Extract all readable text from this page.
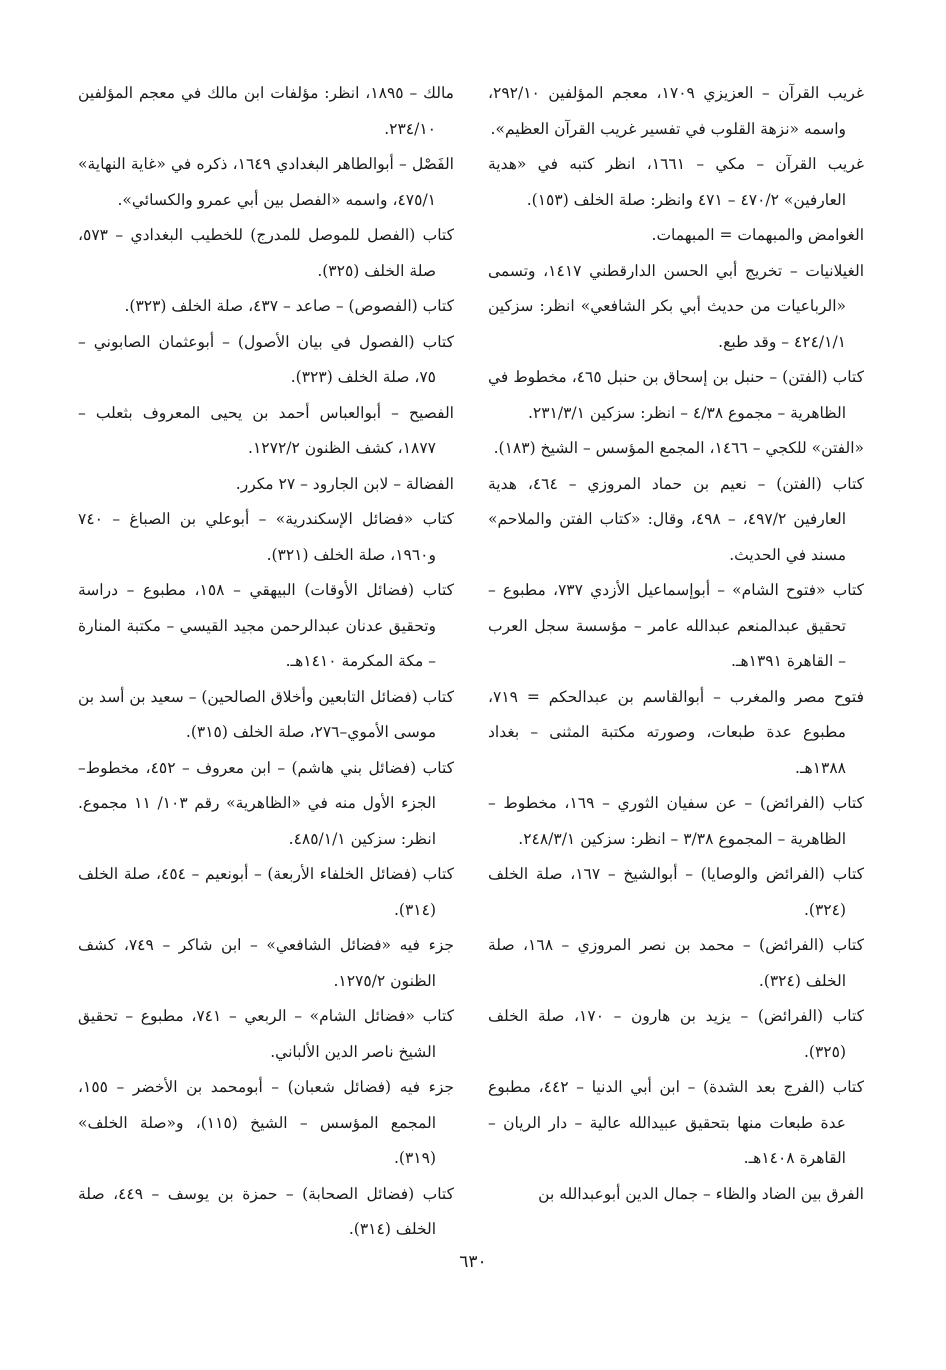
غريب القرآن – العزيزي ١٧٠٩، معجم المؤلفين ٢٩٢/١٠، واسمه «نزهة القلوب في تفسير غريب القرآن العظيم».

غريب القرآن – مكي – ١٦٦١، انظر كتبه في «هدية العارفين» ٤٧٠/٢ – ٤٧١ وانظر: صلة الخلف (١٥٣).

الغوامض والمبهمات = المبهمات.

الغيلانيات – تخريج أبي الحسن الدارقطني ١٤١٧، وتسمى «الرباعيات من حديث أبي بكر الشافعي» انظر: سزكين ٤٢٤/١/١ – وقد طبع.

كتاب (الفتن) – حنبل بن إسحاق بن حنبل ٤٦٥، مخطوط في الظاهرية – مجموع ٤/٣٨ – انظر: سزكين ٢٣١/٣/١.

«الفتن» للكجي – ١٤٦٦، المجمع المؤسس – الشيخ (١٨٣).

كتاب (الفتن) – نعيم بن حماد المروزي – ٤٦٤، هدية العارفين ٤٩٧/٢، – ٤٩٨، وقال: «كتاب الفتن والملاحم» مسند في الحديث.

كتاب «فتوح الشام» – أبوإسماعيل الأزدي ٧٣٧، مطبوع – تحقيق عبدالمنعم عبدالله عامر – مؤسسة سجل العرب – القاهرة ١٣٩١هـ.

فتوح مصر والمغرب – أبوالقاسم بن عبدالحكم = ٧١٩، مطبوع عدة طبعات، وصورته مكتبة المثنى – بغداد ١٣٨٨هـ.

كتاب (الفرائض) – عن سفيان الثوري – ١٦٩، مخطوط – الظاهرية – المجموع ٣/٣٨ – انظر: سزكين ٢٤٨/٣/١.

كتاب (الفرائض والوصايا) – أبوالشيخ – ١٦٧، صلة الخلف (٣٢٤).

كتاب (الفرائض) – محمد بن نصر المروزي – ١٦٨، صلة الخلف (٣٢٤).

كتاب (الفرائض) – يزيد بن هارون – ١٧٠، صلة الخلف (٣٢٥).

كتاب (الفرج بعد الشدة) – ابن أبي الدنيا – ٤٤٢، مطبوع عدة طبعات منها بتحقيق عبيدالله عالية – دار الريان – القاهرة ١٤٠٨هـ.

الفرق بين الضاد والظاء – جمال الدين أبوعبدالله بن

مالك – ١٨٩٥، انظر: مؤلفات ابن مالك في معجم المؤلفين ٢٣٤/١٠.

الفَصْل – أبوالطاهر البغدادي ١٦٤٩، ذكره في «غاية النهاية» ٤٧٥/١، واسمه «الفصل بين أبي عمرو والكسائي».

كتاب (الفصل للموصل للمدرج) للخطيب البغدادي – ٥٧٣، صلة الخلف (٣٢٥).

كتاب (الفصوص) – صاعد – ٤٣٧، صلة الخلف (٣٢٣).

كتاب (الفصول في بيان الأصول) – أبوعثمان الصابوني – ٧٥، صلة الخلف (٣٢٣).

الفصيح – أبوالعباس أحمد بن يحيى المعروف بثعلب – ١٨٧٧، كشف الظنون ١٢٧٢/٢.

الفضالة – لابن الجارود – ٢٧ مكرر.

كتاب «فضائل الإسكندرية» – أبوعلي بن الصباغ – ٧٤٠ و١٩٦٠، صلة الخلف (٣٢١).

كتاب (فضائل الأوقات) البيهقي – ١٥٨، مطبوع – دراسة وتحقيق عدنان عبدالرحمن مجيد القيسي – مكتبة المنارة – مكة المكرمة ١٤١٠هـ.

كتاب (فضائل التابعين وأخلاق الصالحين) – سعيد بن أسد بن موسى الأموي–٢٧٦، صلة الخلف (٣١٥).

كتاب (فضائل بني هاشم) – ابن معروف – ٤٥٢، مخطوط– الجزء الأول منه في «الظاهرية» رقم ١٠٣/ ١١ مجموع. انظر: سزكين ٤٨٥/١/١.

كتاب (فضائل الخلفاء الأربعة) – أبونعيم – ٤٥٤، صلة الخلف (٣١٤).

جزء فيه «فضائل الشافعي» – ابن شاكر – ٧٤٩، كشف الظنون ١٢٧٥/٢.

كتاب «فضائل الشام» – الربعي – ٧٤١، مطبوع – تحقيق الشيخ ناصر الدين الألباني.

جزء فيه (فضائل شعبان) – أبومحمد بن الأخضر – ١٥٥، المجمع المؤسس – الشيخ (١١٥)، و«صلة الخلف» (٣١٩).

كتاب (فضائل الصحابة) – حمزة بن يوسف – ٤٤٩، صلة الخلف (٣١٤).

٦٣٠
